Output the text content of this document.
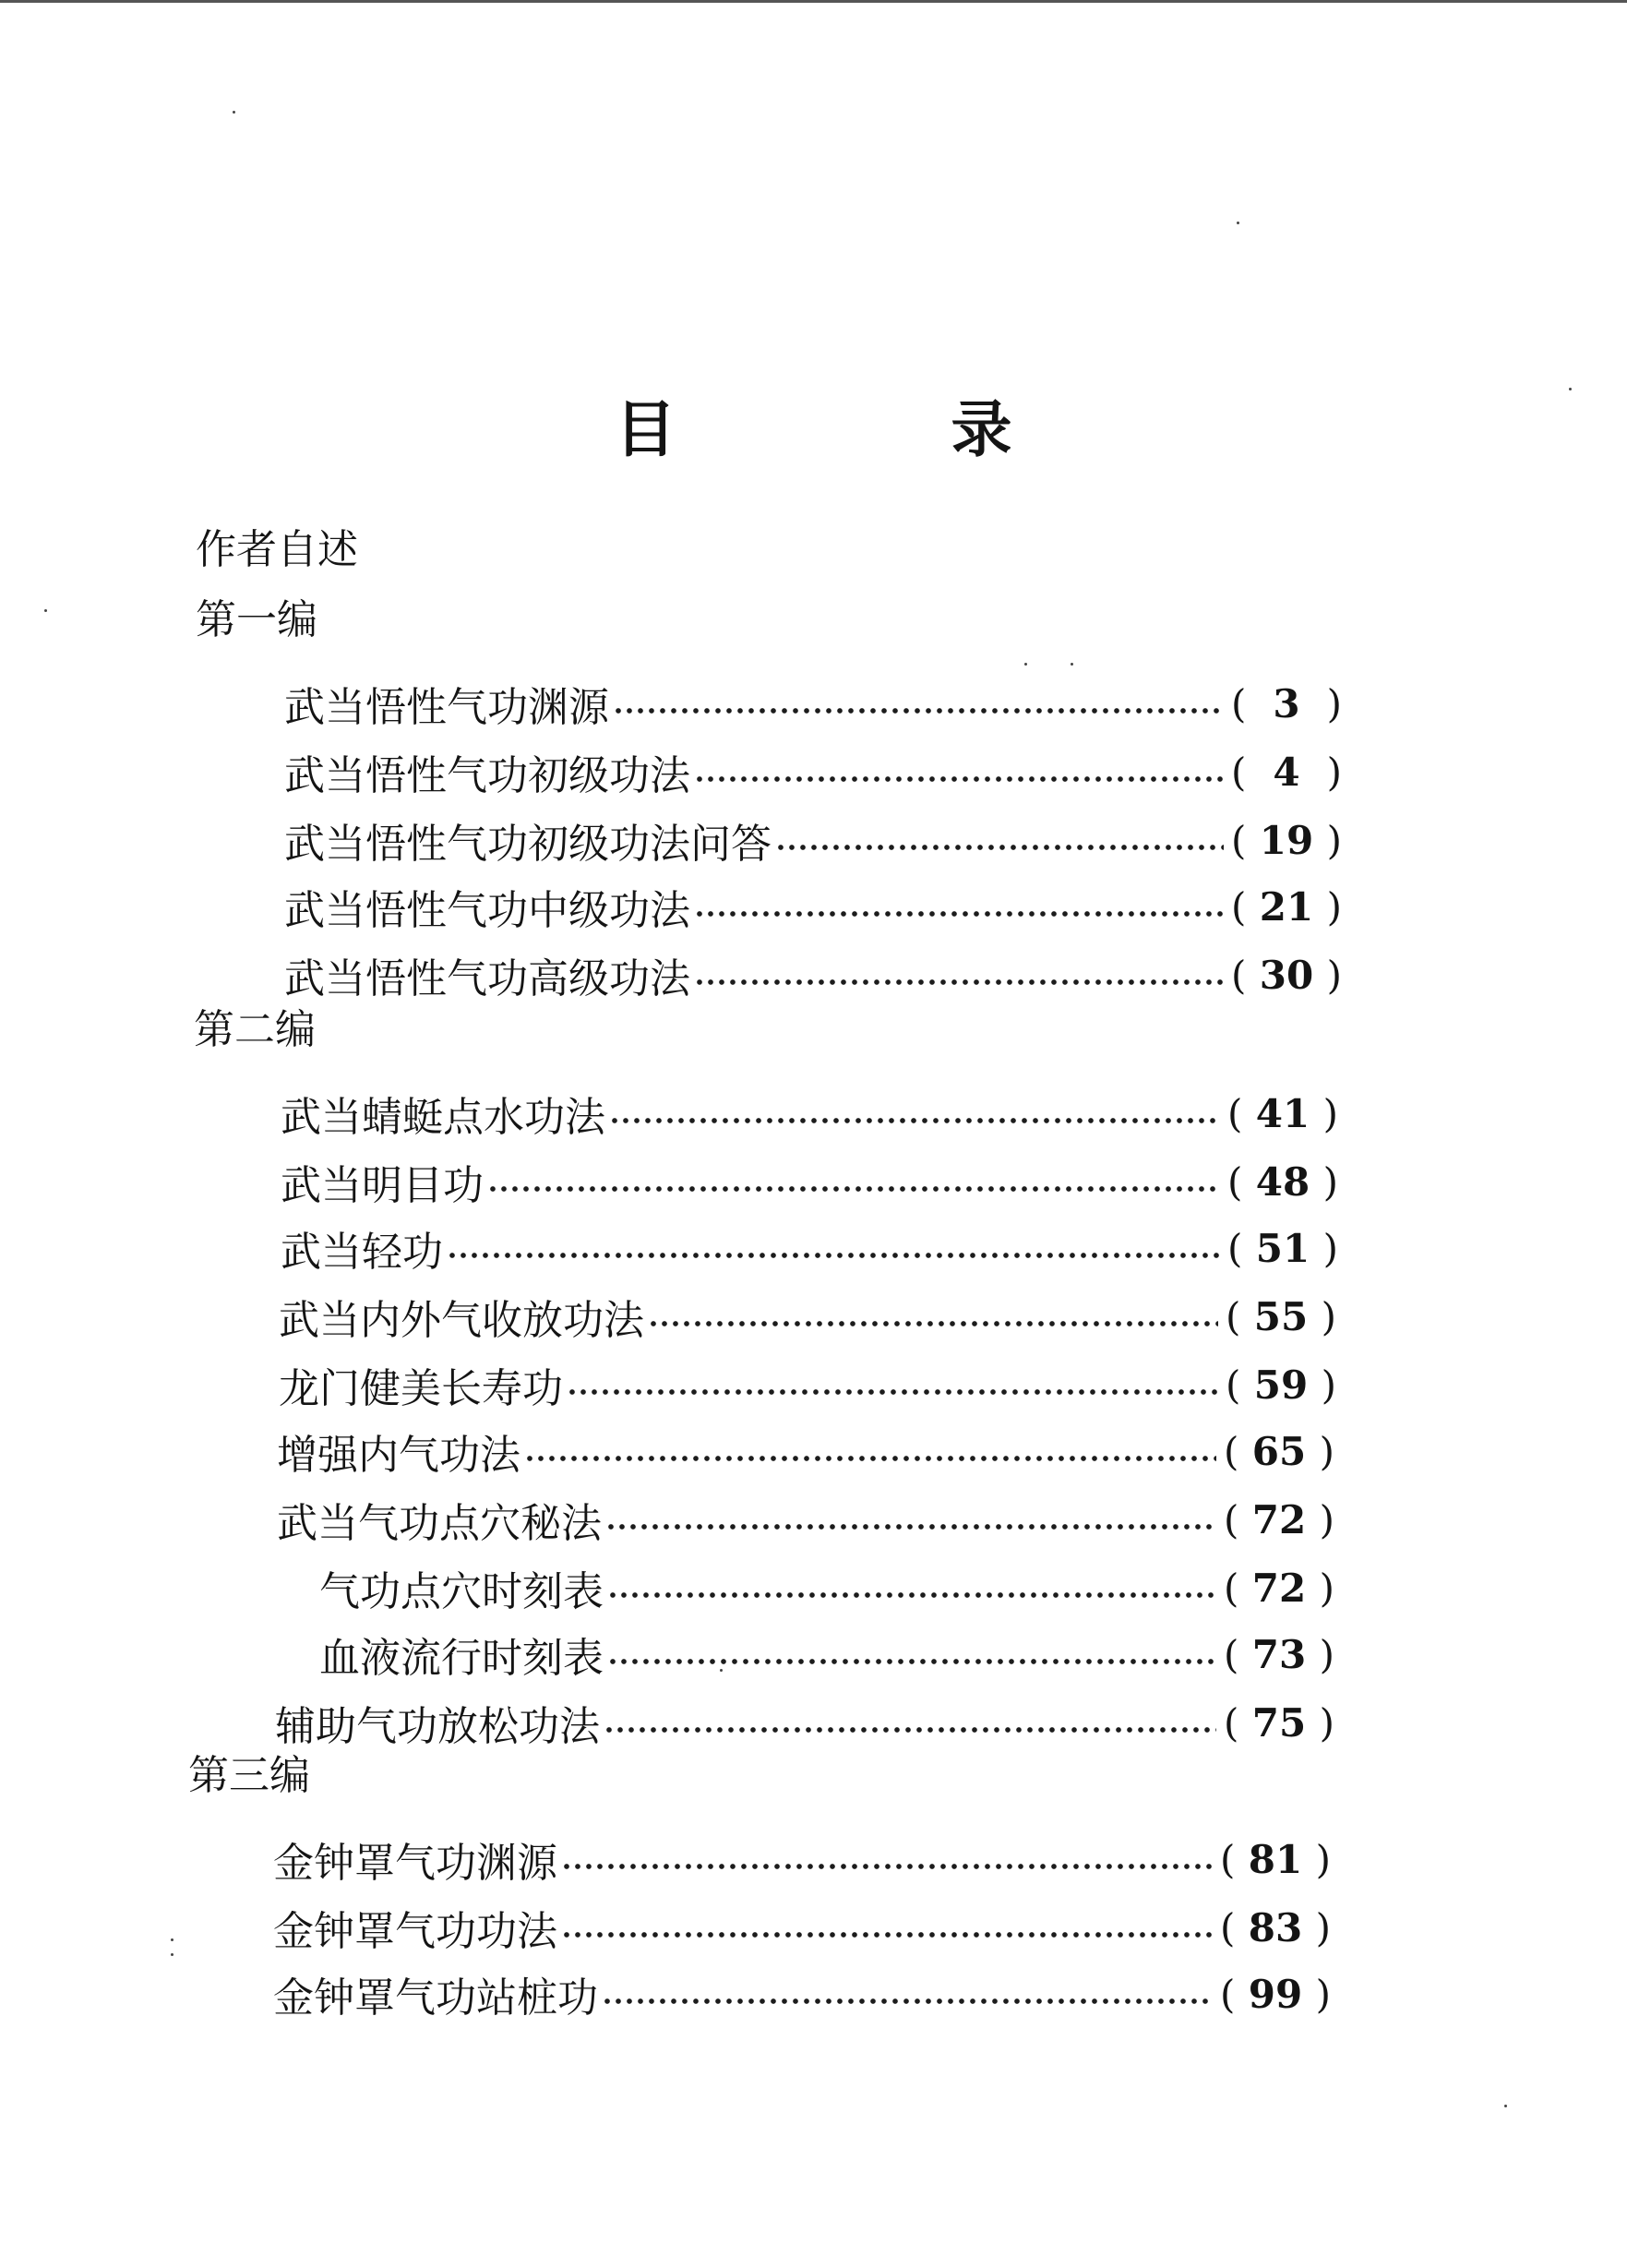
目　录
作者自述
第一编
武当悟性气功渊源	( 3 )
武当悟性气功初级功法	( 4 )
武当悟性气功初级功法问答	( 19 )
武当悟性气功中级功法	( 21 )
武当悟性气功高级功法	( 30 )
第二编
武当蜻蜓点水功法	( 41 )
武当明目功	( 48 )
武当轻功	( 51 )
武当内外气收放功法	( 55 )
龙门健美长寿功	( 59 )
增强内气功法	( 65 )
武当气功点穴秘法	( 72 )
气功点穴时刻表	( 72 )
血液流行时刻表	( 73 )
辅助气功放松功法	( 75 )
第三编
金钟罩气功渊源	( 81 )
金钟罩气功功法	( 83 )
金钟罩气功站桩功	( 99 )
